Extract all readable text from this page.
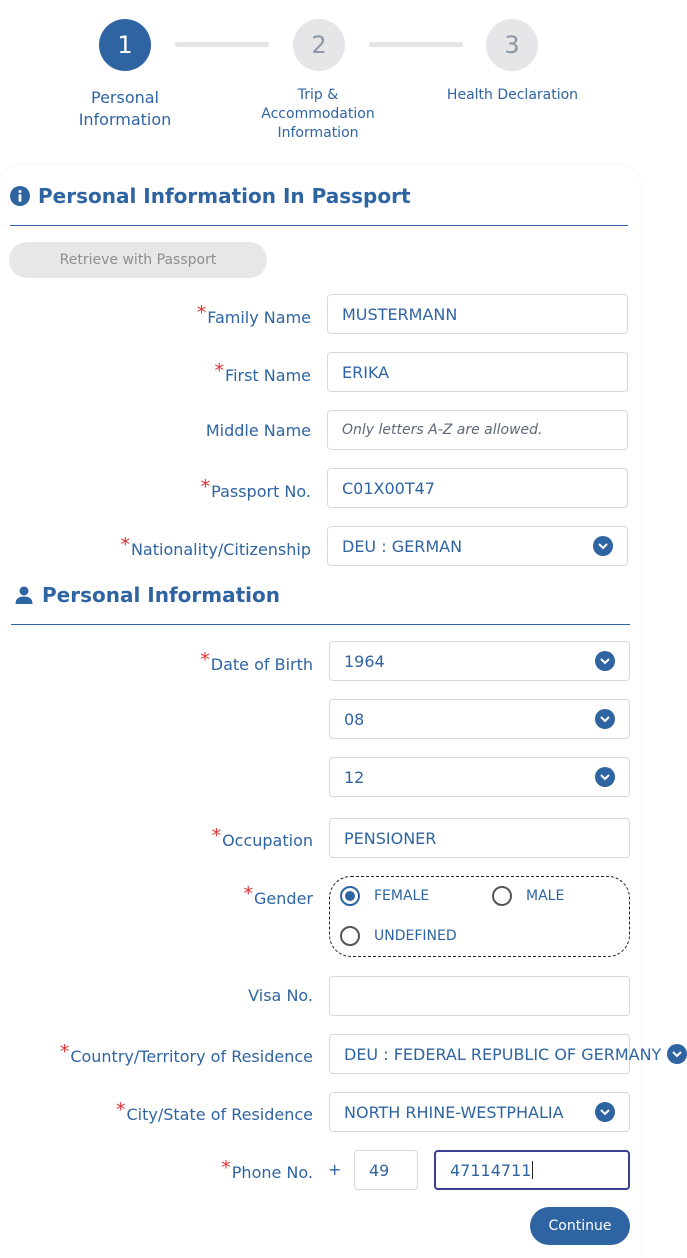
1	2	3
Personal Information
Trip & Accommodation Information
Health Declaration
Personal Information In Passport
Retrieve with Passport
*Family Name MUSTERMANN
*First Name ERIKA
Middle Name Only letters A-Z are allowed.
*Passport No. C01X00T47
*Nationality/Citizenship DEU : GERMAN
Personal Information
*Date of Birth 1964
08
12
*Occupation PENSIONER
*Gender	FEMALE	MALE
UNDEFINED
Visa No.
*Country/Territory of Residence DEU : FEDERAL REPUBLIC OF GERMANY
*City/State of Residence NORTH RHINE-WESTPHALIA
*Phone No. + 49	47114711
Continue
